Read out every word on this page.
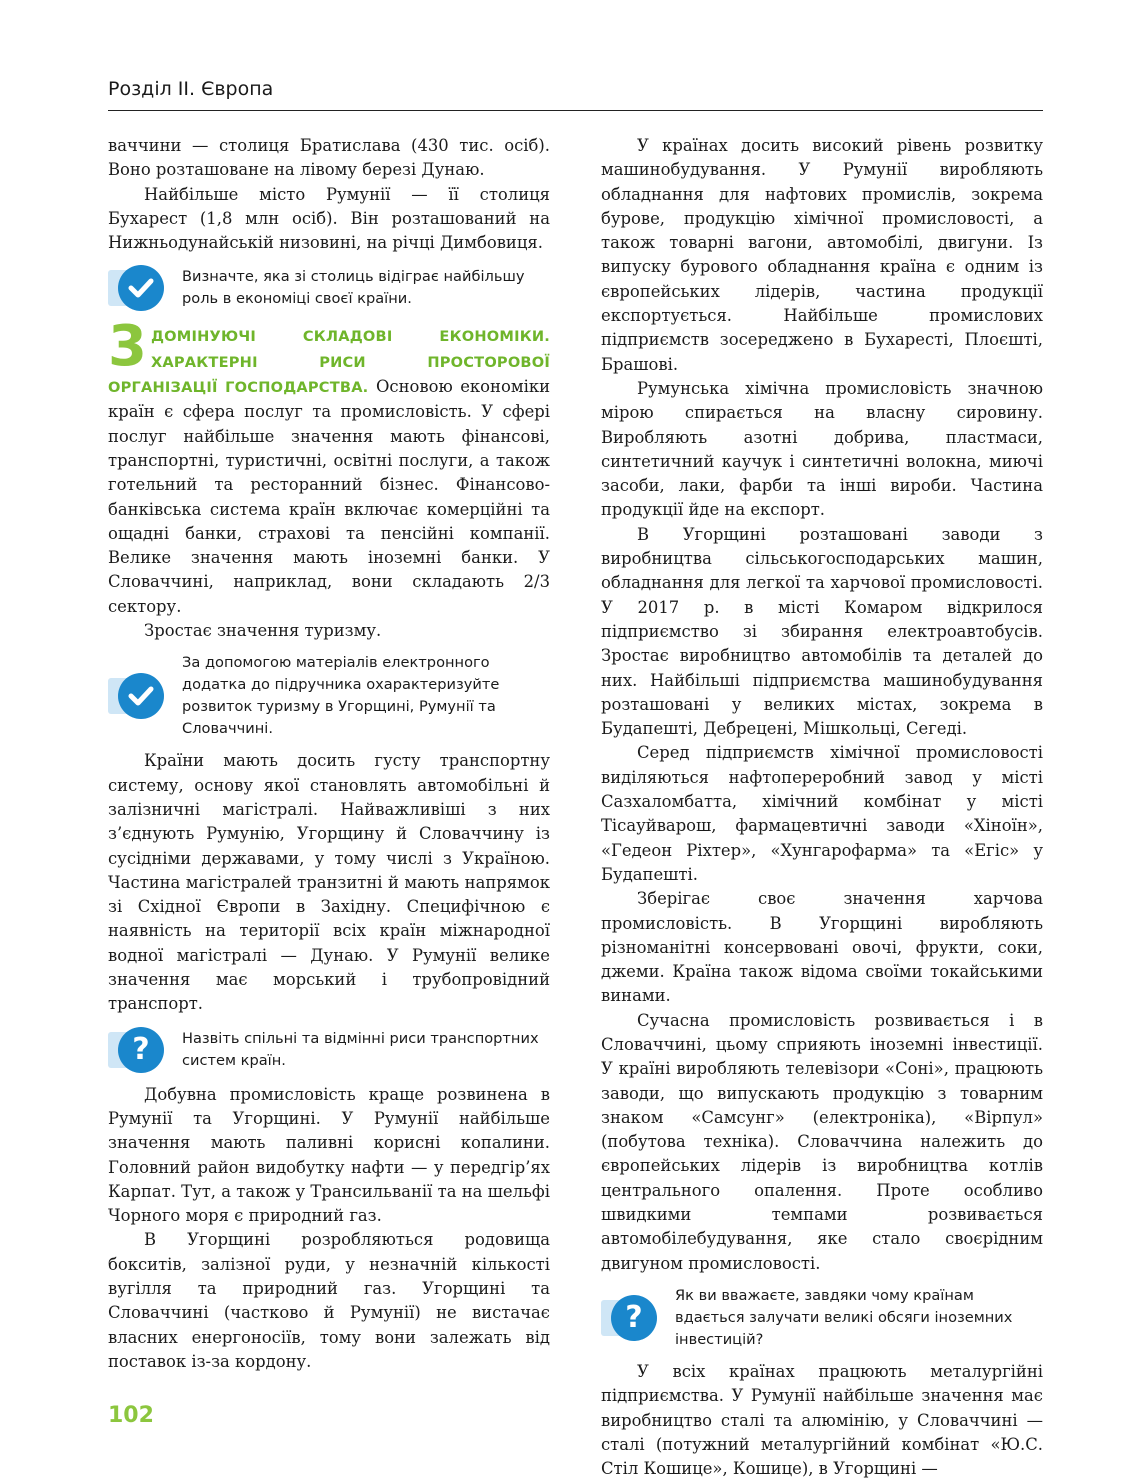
Розділ II. Європа

ваччини — столиця Братислава (430 тис. осіб). Воно розташоване на лівому березі Дунаю.

Найбільше місто Румунії — її столиця Бухарест (1,8 млн осіб). Він розташований на Нижньодунайській низовині, на річці Димбовиця.

Визначте, яка зі столиць відіграє найбільшу роль в економіці своєї країни.
3 ДОМІНУЮЧІ СКЛАДОВІ ЕКОНОМІКИ. ХАРАКТЕРНІ РИСИ ПРОСТОРОВОЇ ОРГАНІЗАЦІЇ ГОСПОДАРСТВА. Основою економіки країн є сфера послуг та промисловість. У сфері послуг найбільше значення мають фінансові, транспортні, туристичні, освітні послуги, а також готельний та ресторанний бізнес. Фінансово-банківська система країн включає комерційні та ощадні банки, страхові та пенсійні компанії. Велике значення мають іноземні банки. У Словаччині, наприклад, вони складають 2/3 сектору.

Зростає значення туризму.

За допомогою матеріалів електронного додатка до підручника охарактеризуйте розвиток туризму в Угорщині, Румунії та Словаччині.

Країни мають досить густу транспортну систему, основу якої становлять автомобільні й залізничні магістралі. Найважливіші з них з’єднують Румунію, Угорщину й Словаччину із сусідніми державами, у тому числі з Україною. Частина магістралей транзитні й мають напрямок зі Східної Європи в Західну. Специфічною є наявність на території всіх країн міжнародної водної магістралі — Дунаю. У Румунії велике значення має морський і трубопровідний транспорт.

? Назвіть спільні та відмінні риси транспортних систем країн.

Добувна промисловість краще розвинена в Румунії та Угорщині. У Румунії найбільше значення мають паливні корисні копалини. Головний район видобутку нафти — у передгір’ях Карпат. Тут, а також у Трансильванії та на шельфі Чорного моря є природний газ.

В Угорщині розробляються родовища бокситів, залізної руди, у незначній кількості вугілля та природний газ. Угорщині та Словаччині (частково й Румунії) не вистачає власних енергоносіїв, тому вони залежать від поставок із-за кордону.

У країнах досить високий рівень розвитку машинобудування. У Румунії виробляють обладнання для нафтових промислів, зокрема бурове, продукцію хімічної промисловості, а також товарні вагони, автомобілі, двигуни. Із випуску бурового обладнання країна є одним із європейських лідерів, частина продукції експортується. Найбільше промислових підприємств зосереджено в Бухаресті, Плоєшті, Брашові.

Румунська хімічна промисловість значною мірою спирається на власну сировину. Виробляють азотні добрива, пластмаси, синтетичний каучук і синтетичні волокна, миючі засоби, лаки, фарби та інші вироби. Частина продукції йде на експорт.

В Угорщині розташовані заводи з виробництва сільськогосподарських машин, обладнання для легкої та харчової промисловості. У 2017 р. в місті Комаром відкрилося підприємство зі збирання електроавтобусів. Зростає виробництво автомобілів та деталей до них. Найбільші підприємства машинобудування розташовані у великих містах, зокрема в Будапешті, Дебрецені, Мішкольці, Сегеді.

Серед підприємств хімічної промисловості виділяються нафтопереробний завод у місті Сазхаломбатта, хімічний комбінат у місті Тісауйварош, фармацевтичні заводи «Хіноїн», «Гедеон Ріхтер», «Хунгарофарма» та «Егіс» у Будапешті.

Зберігає своє значення харчова промисловість. В Угорщині виробляють різноманітні консервовані овочі, фрукти, соки, джеми. Країна також відома своїми токайськими винами.

Сучасна промисловість розвивається і в Словаччині, цьому сприяють іноземні інвестиції. У країні виробляють телевізори «Соні», працюють заводи, що випускають продукцію з товарним знаком «Самсунг» (електроніка), «Вірпул» (побутова техніка). Словаччина належить до європейських лідерів із виробництва котлів центрального опалення. Проте особливо швидкими темпами розвивається автомобілебудування, яке стало своєрідним двигуном промисловості.

?
Як ви вважаєте, завдяки чому країнам вдається залучати великі обсяги іноземних інвестицій?

У всіх країнах працюють металургійні підприємства. У Румунії найбільше значення має виробництво сталі та алюмінію, у Словаччині — сталі (потужний металургійний комбінат «Ю.С. Стіл Кошице», Кошице), в Угорщині —

102
